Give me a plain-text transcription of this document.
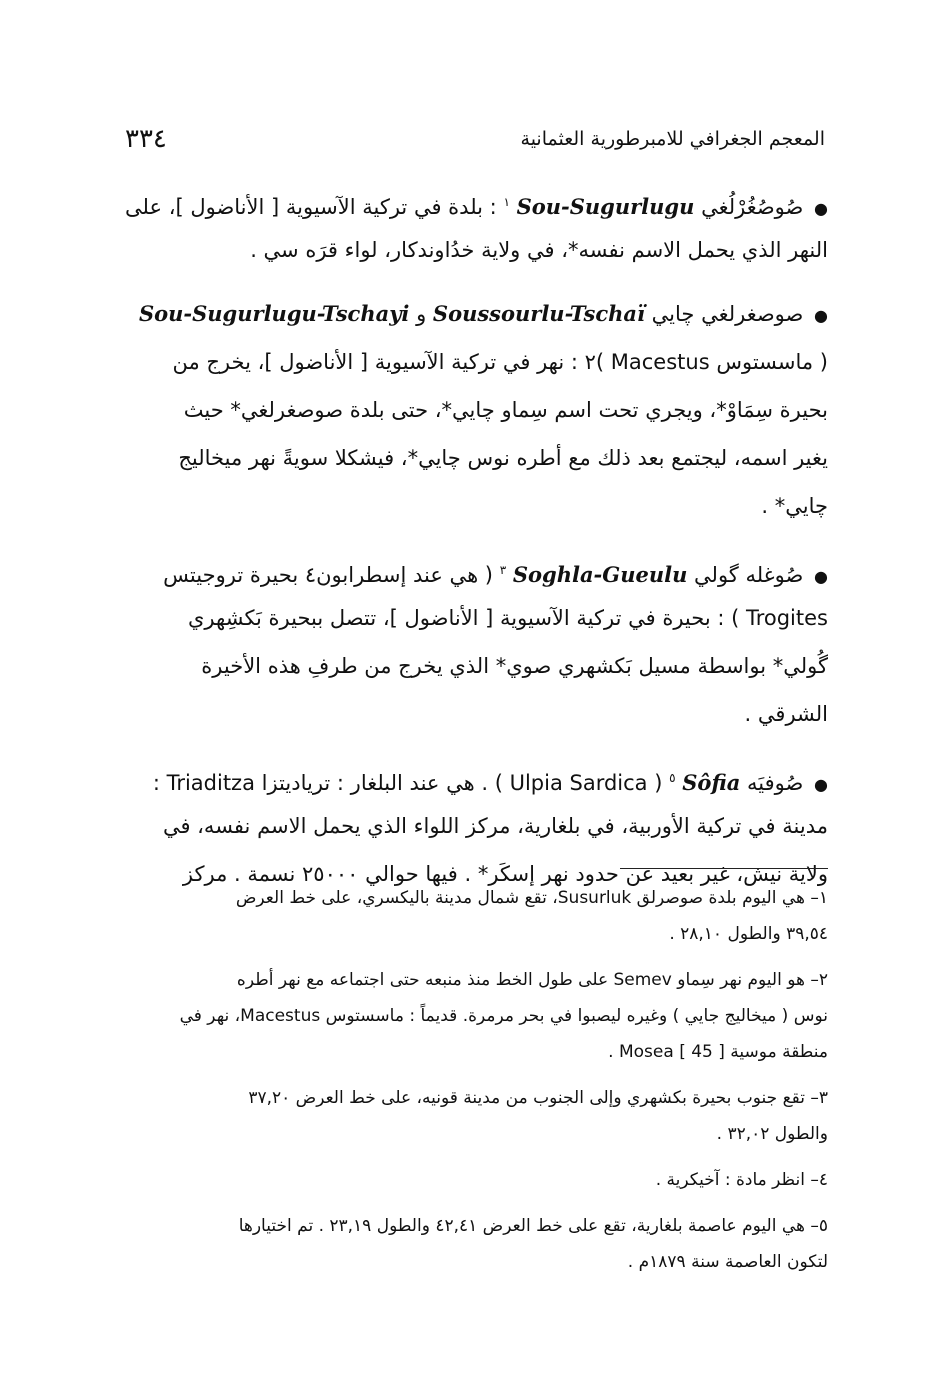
٣٣٤	المعجم الجغرافي للامبرطورية العثمانية
● صُوصُغُرْلُغي Sou-Sugurlugu $^١$ : بلدة في تركية الآسيوية [ الأناضول ]، على
النهر الذي يحمل الاسم نفسه*، في ولاية خدُاوندكار، لواء قرَه سي .
● صوصغرلغي چايي Soussourlu-Tschaï و Sou-Sugurlugu-Tschayi
( ماسستوس Macestus )٢ : نهر في تركية الآسيوية [ الأناضول ]، يخرج من
بحيرة سِمَاوْ*، ويجري تحت اسم سِماو چايي*، حتى بلدة صوصغرلغي* حيث
يغير اسمه، ليجتمع بعد ذلك مع أطره نوس چايي*، فيشكلا سويةً نهر ميخاليج
چايي* .
● صُوغله گولي Soghla-Gueulu $^٣$ ( هي عند إسطرابون٤ بحيرة تروجيتس
Trogites ) : بحيرة في تركية الآسيوية [ الأناضول ]، تتصل ببحيرة بَكشِهري
گُولي* بواسطة مسيل بَكشهري صوي* الذي يخرج من طرفِ هذه الأخيرة
الشرقي .
● صُوفيَه Sôfia $^٥$ ( Ulpia Sardica ) . هي عند البلغار : ترياديتزا Triaditza :
مدينة في تركية الأوربية، في بلغارية، مركز اللواء الذي يحمل الاسم نفسه، في
ولاية نيش، غير بعيد عن حدود نهر إسكَر* . فيها حوالي ٢٥٠٠٠ نسمة . مركز
١– هي اليوم بلدة صوصرلق Susurluk، تقع شمال مدينة باليكسري، على خط العرض
٣٩,٥٤ والطول ٢٨,١٠ .
٢– هو اليوم نهر سِماو Semev على طول الخط منذ منبعه حتى اجتماعه مع نهر أطره
نوس ( ميخاليج جايي ) وغيره ليصبوا في بحر مرمرة. قديماً : ماسستوس Macestus، نهر في
منطقة موسية Mosea [ 45 ] .
٣– تقع جنوب بحيرة بكشهري وإلى الجنوب من مدينة قونيه، على خط العرض ٣٧,٢٠
والطول ٣٢,٠٢ .
٤– انظر مادة : آخيكرية .
٥– هي اليوم عاصمة بلغارية، تقع على خط العرض ٤٢,٤١ والطول ٢٣,١٩ . تم اختيارها
لتكون العاصمة سنة ١٨٧٩م .
